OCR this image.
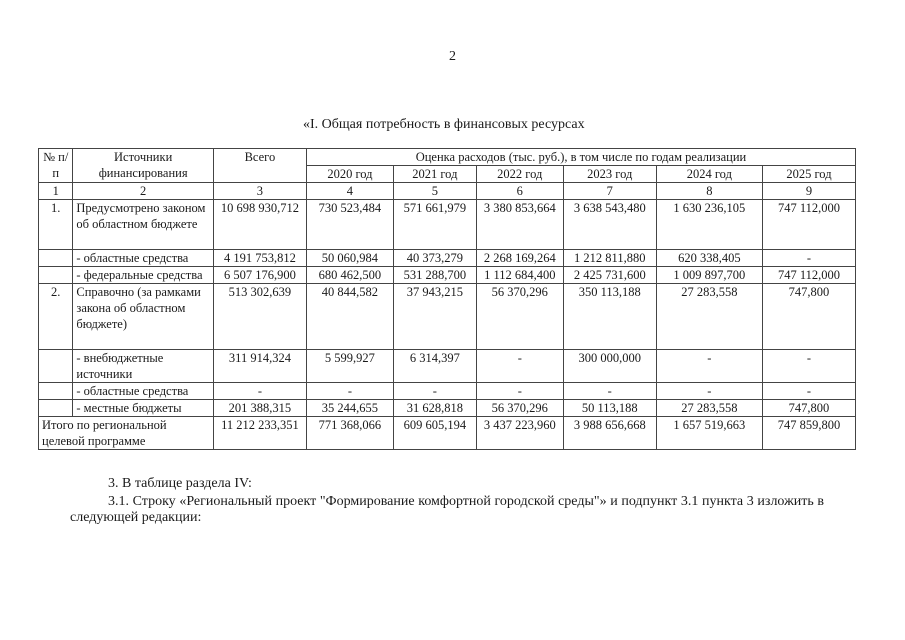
2
«I. Общая потребность в финансовых ресурсах
№ п/п	Источники финансирования	Всего	Оценка расходов (тыс. руб.), в том числе по годам реализации					
			2020 год	2021 год	2022 год	2023 год	2024 год	2025 год
1	2	3	4	5	6	7	8	9
1.	Предусмотрено законом об областном бюджете	10 698 930,712	730 523,484	571 661,979	3 380 853,664	3 638 543,480	1 630 236,105	747 112,000
	- областные средства	4 191 753,812	50 060,984	40 373,279	2 268 169,264	1 212 811,880	620 338,405	-
	- федеральные средства	6 507 176,900	680 462,500	531 288,700	1 112 684,400	2 425 731,600	1 009 897,700	747 112,000
2.	Справочно (за рамками закона об областном бюджете)	513 302,639	40 844,582	37 943,215	56 370,296	350 113,188	27 283,558	747,800
	- внебюджетные источники	311 914,324	5 599,927	6 314,397	-	300 000,000	-	-
	- областные средства	-	-	-	-	-	-	-
	- местные бюджеты	201 388,315	35 244,655	31 628,818	56 370,296	50 113,188	27 283,558	747,800
Итого по региональной целевой программе		11 212 233,351	771 368,066	609 605,194	3 437 223,960	3 988 656,668	1 657 519,663	747 859,800
3. В таблице раздела IV:
3.1. Строку «Региональный проект "Формирование комфортной городской среды"» и подпункт 3.1 пункта 3 изложить в следующей редакции:
